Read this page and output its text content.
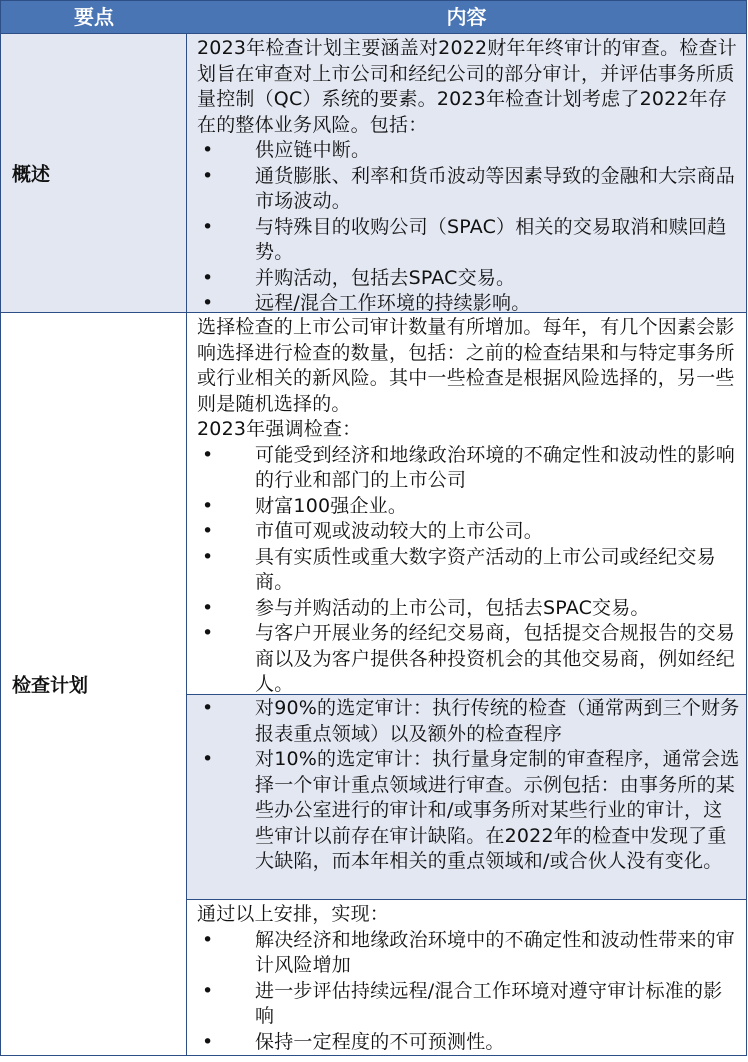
要点	内容
概述

2023年检查计划主要涵盖对2022财年年终审计的审查。检查计划旨在审查对上市公司和经纪公司的部分审计，并评估事务所质量控制（QC）系统的要素。2023年检查计划考虑了2022年存在的整体业务风险。包括：

• 供应链中断。
• 通货膨胀、利率和货币波动等因素导致的金融和大宗商品市场波动。
• 与特殊目的收购公司（SPAC）相关的交易取消和赎回趋势。
• 并购活动，包括去SPAC交易。
• 远程/混合工作环境的持续影响。
检查计划

选择检查的上市公司审计数量有所增加。每年，有几个因素会影响选择进行检查的数量，包括：之前的检查结果和与特定事务所或行业相关的新风险。其中一些检查是根据风险选择的，另一些则是随机选择的。

2023年强调检查：

• 可能受到经济和地缘政治环境的不确定性和波动性的影响的行业和部门的上市公司
• 财富100强企业。
• 市值可观或波动较大的上市公司。
• 具有实质性或重大数字资产活动的上市公司或经纪交易商。
• 参与并购活动的上市公司，包括去SPAC交易。
• 与客户开展业务的经纪交易商，包括提交合规报告的交易商以及为客户提供各种投资机会的其他交易商，例如经纪人。
• 对90%的选定审计：执行传统的检查（通常两到三个财务报表重点领域）以及额外的检查程序
• 对10%的选定审计：执行量身定制的审查程序，通常会选择一个审计重点领域进行审查。示例包括：由事务所的某些办公室进行的审计和/或事务所对某些行业的审计，这些审计以前存在审计缺陷。在2022年的检查中发现了重大缺陷，而本年相关的重点领域和/或合伙人没有变化。

通过以上安排，实现：

• 解决经济和地缘政治环境中的不确定性和波动性带来的审计风险增加
• 进一步评估持续远程/混合工作环境对遵守审计标准的影响
• 保持一定程度的不可预测性。
